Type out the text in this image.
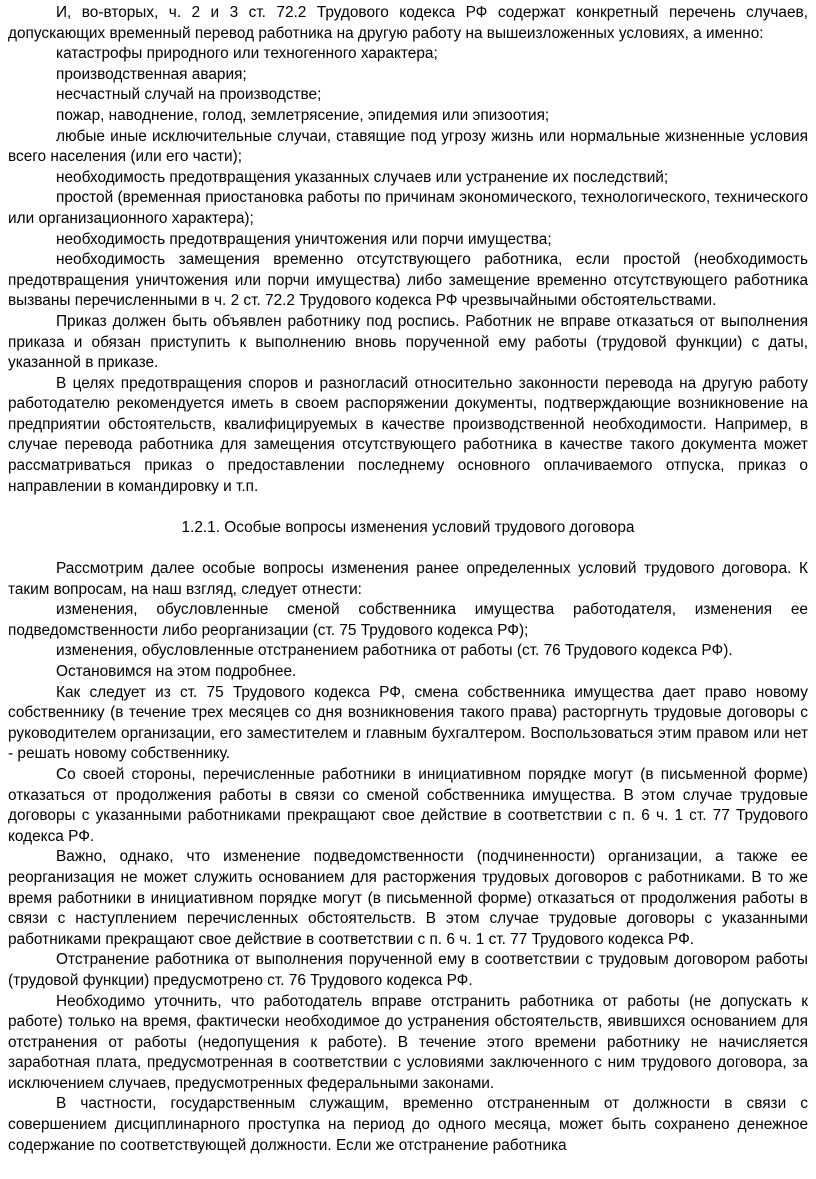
И, во-вторых, ч. 2 и 3 ст. 72.2 Трудового кодекса РФ содержат конкретный перечень случаев, допускающих временный перевод работника на другую работу на вышеизложенных условиях, а именно:

катастрофы природного или техногенного характера;

производственная авария;

несчастный случай на производстве;

пожар, наводнение, голод, землетрясение, эпидемия или эпизоотия;

любые иные исключительные случаи, ставящие под угрозу жизнь или нормальные жизненные условия всего населения (или его части);

необходимость предотвращения указанных случаев или устранение их последствий;

простой (временная приостановка работы по причинам экономического, технологического, технического или организационного характера);

необходимость предотвращения уничтожения или порчи имущества;

необходимость замещения временно отсутствующего работника, если простой (необходимость предотвращения уничтожения или порчи имущества) либо замещение временно отсутствующего работника вызваны перечисленными в ч. 2 ст. 72.2 Трудового кодекса РФ чрезвычайными обстоятельствами.

Приказ должен быть объявлен работнику под роспись. Работник не вправе отказаться от выполнения приказа и обязан приступить к выполнению вновь порученной ему работы (трудовой функции) с даты, указанной в приказе.

В целях предотвращения споров и разногласий относительно законности перевода на другую работу работодателю рекомендуется иметь в своем распоряжении документы, подтверждающие возникновение на предприятии обстоятельств, квалифицируемых в качестве производственной необходимости. Например, в случае перевода работника для замещения отсутствующего работника в качестве такого документа может рассматриваться приказ о предоставлении последнему основного оплачиваемого отпуска, приказ о направлении в командировку и т.п.

1.2.1. Особые вопросы изменения условий трудового договора

Рассмотрим далее особые вопросы изменения ранее определенных условий трудового договора. К таким вопросам, на наш взгляд, следует отнести:

изменения, обусловленные сменой собственника имущества работодателя, изменения ее подведомственности либо реорганизации (ст. 75 Трудового кодекса РФ);

изменения, обусловленные отстранением работника от работы (ст. 76 Трудового кодекса РФ).

Остановимся на этом подробнее.

Как следует из ст. 75 Трудового кодекса РФ, смена собственника имущества дает право новому собственнику (в течение трех месяцев со дня возникновения такого права) расторгнуть трудовые договоры с руководителем организации, его заместителем и главным бухгалтером. Воспользоваться этим правом или нет - решать новому собственнику.

Со своей стороны, перечисленные работники в инициативном порядке могут (в письменной форме) отказаться от продолжения работы в связи со сменой собственника имущества. В этом случае трудовые договоры с указанными работниками прекращают свое действие в соответствии с п. 6 ч. 1 ст. 77 Трудового кодекса РФ.

Важно, однако, что изменение подведомственности (подчиненности) организации, а также ее реорганизация не может служить основанием для расторжения трудовых договоров с работниками. В то же время работники в инициативном порядке могут (в письменной форме) отказаться от продолжения работы в связи с наступлением перечисленных обстоятельств. В этом случае трудовые договоры с указанными работниками прекращают свое действие в соответствии с п. 6 ч. 1 ст. 77 Трудового кодекса РФ.

Отстранение работника от выполнения порученной ему в соответствии с трудовым договором работы (трудовой функции) предусмотрено ст. 76 Трудового кодекса РФ.

Необходимо уточнить, что работодатель вправе отстранить работника от работы (не допускать к работе) только на время, фактически необходимое до устранения обстоятельств, явившихся основанием для отстранения от работы (недопущения к работе). В течение этого времени работнику не начисляется заработная плата, предусмотренная в соответствии с условиями заключенного с ним трудового договора, за исключением случаев, предусмотренных федеральными законами.

В частности, государственным служащим, временно отстраненным от должности в связи с совершением дисциплинарного проступка на период до одного месяца, может быть сохранено денежное содержание по соответствующей должности. Если же отстранение работника
